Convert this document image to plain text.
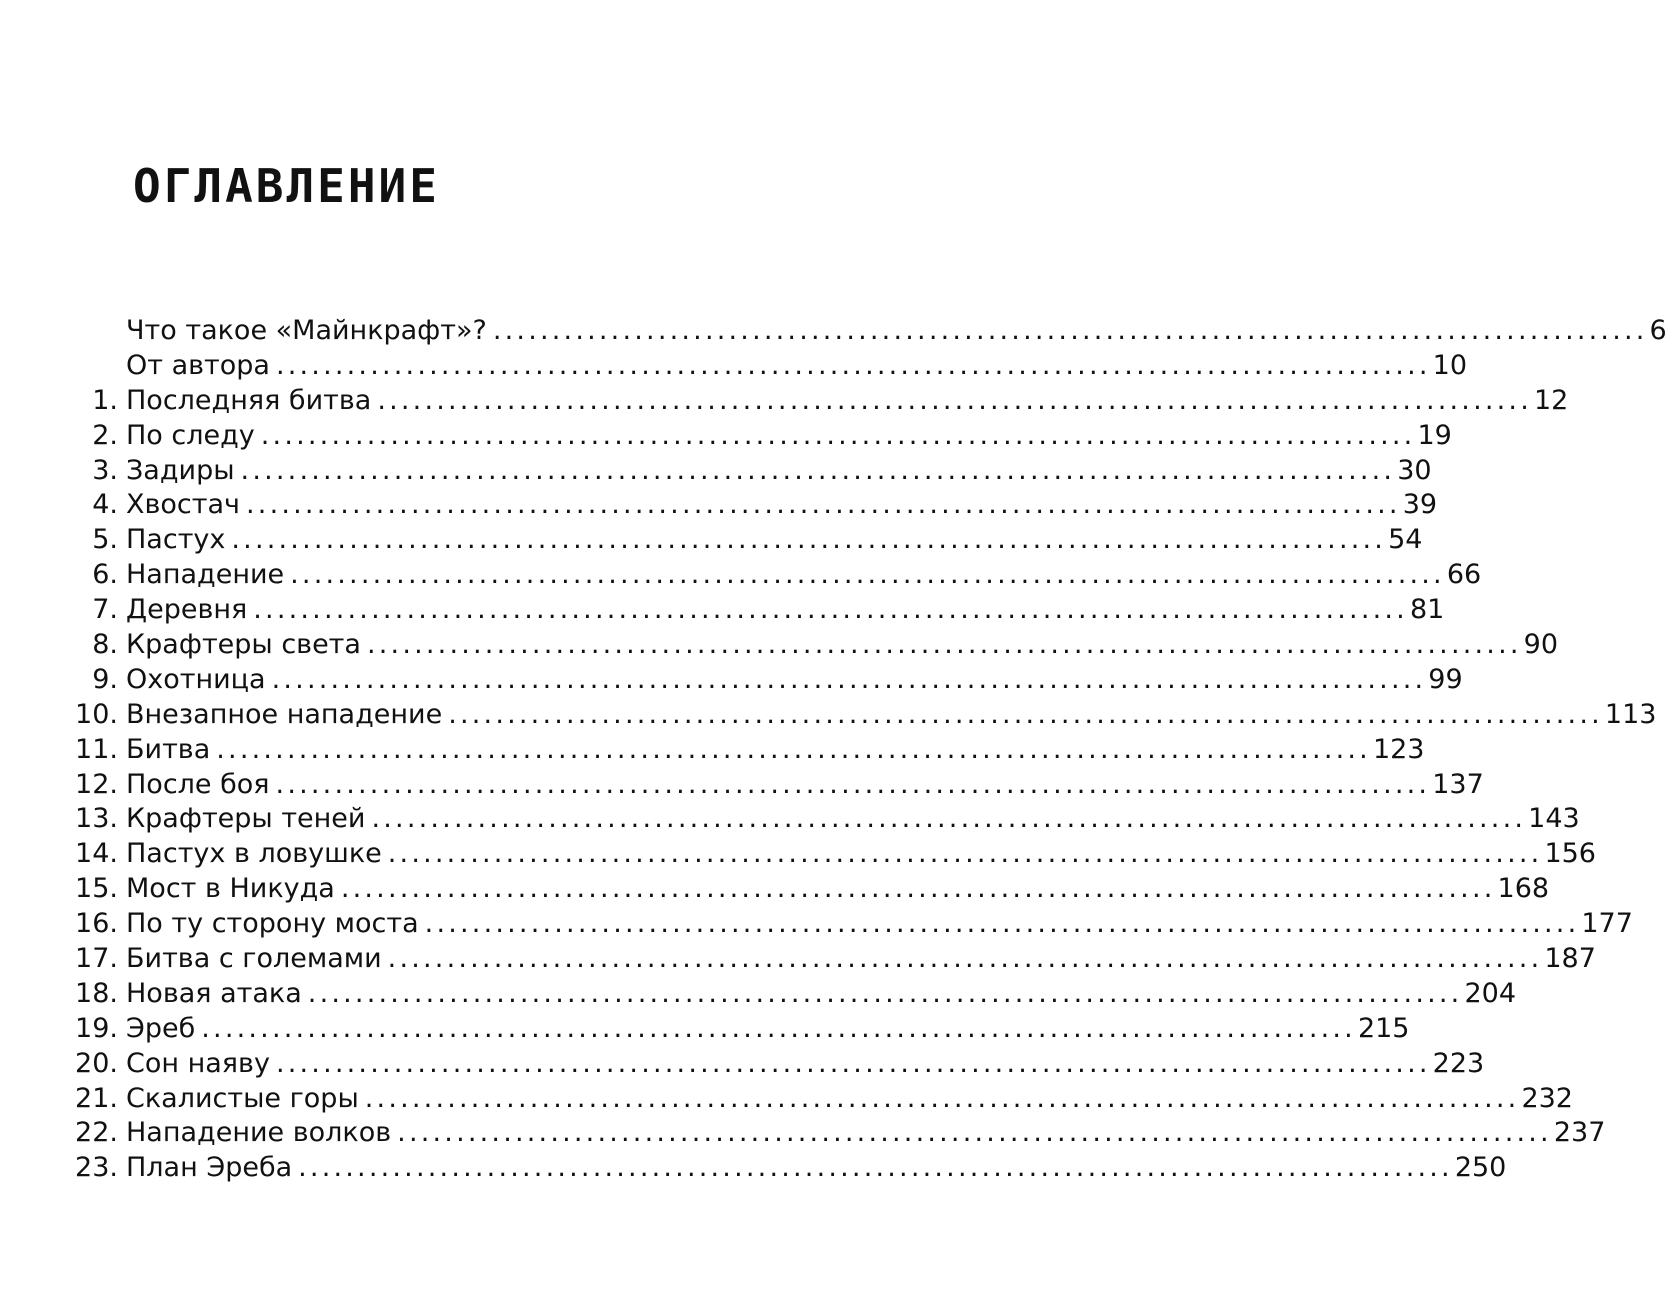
ОГЛАВЛЕНИЕ
Что такое «Майнкрафт»? .................................................................................................. 6
От автора .................................................................................................. 10
1. Последняя битва .................................................................................................. 12
2. По следу .................................................................................................. 19
3. Задиры .................................................................................................. 30
4. Хвостач .................................................................................................. 39
5. Пастух .................................................................................................. 54
6. Нападение .................................................................................................. 66
7. Деревня .................................................................................................. 81
8. Крафтеры света .................................................................................................. 90
9. Охотница .................................................................................................. 99
10. Внезапное нападение .................................................................................................. 113
11. Битва .................................................................................................. 123
12. После боя .................................................................................................. 137
13. Крафтеры теней .................................................................................................. 143
14. Пастух в ловушке .................................................................................................. 156
15. Мост в Никуда .................................................................................................. 168
16. По ту сторону моста .................................................................................................. 177
17. Битва с големами .................................................................................................. 187
18. Новая атака .................................................................................................. 204
19. Эреб .................................................................................................. 215
20. Сон наяву .................................................................................................. 223
21. Скалистые горы .................................................................................................. 232
22. Нападение волков .................................................................................................. 237
23. План Эреба .................................................................................................. 250
